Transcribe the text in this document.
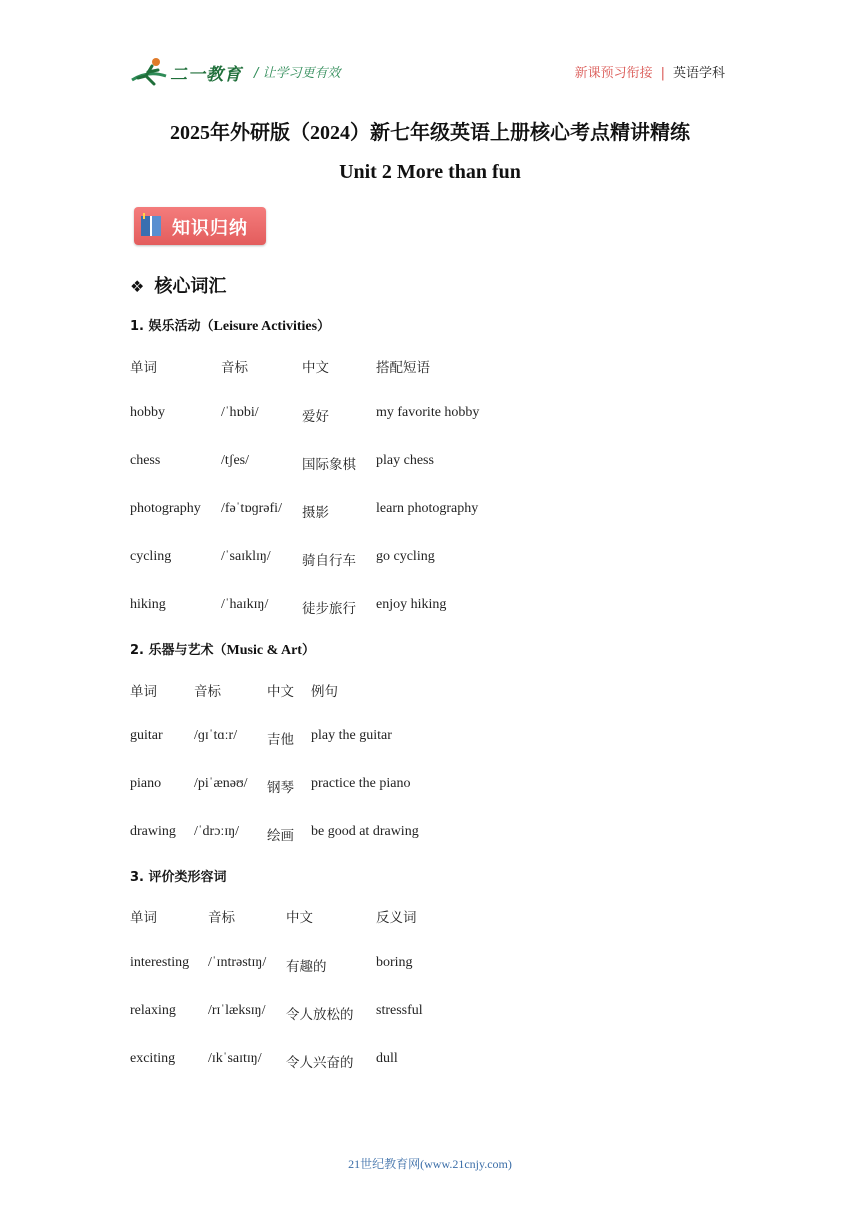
二一教育 / 让学习更有效	新课预习衔接 | 英语学科
2025年外研版（2024）新七年级英语上册核心考点精讲精练
Unit 2 More than fun
知识归纳
❖ 核心词汇
1. 娱乐活动（Leisure Activities）
单词	音标	中文	搭配短语
hobby	/ˈhɒbi/	爱好	my favorite hobby
chess	/tʃes/	国际象棋 play chess
photography /fəˈtɒɡrəfi/ 摄影	learn photography
cycling	/ˈsaɪklɪŋ/ 骑自行车 go cycling
hiking	/ˈhaɪkɪŋ/ 徒步旅行 enjoy hiking
2. 乐器与艺术（Music & Art）
单词	音标	中文 例句
guitar /ɡɪˈtɑːr/ 吉他 play the guitar
piano /piˈænəʊ/ 钢琴 practice the piano
drawing /ˈdrɔːɪŋ/ 绘画 be good at drawing
3. 评价类形容词
单词	音标	中文	反义词
interesting /ˈɪntrəstɪŋ/ 有趣的	boring
relaxing /rɪˈlæksɪŋ/ 令人放松的 stressful
exciting /ɪkˈsaɪtɪŋ/ 令人兴奋的 dull
21世纪教育网(www.21cnjy.com)
